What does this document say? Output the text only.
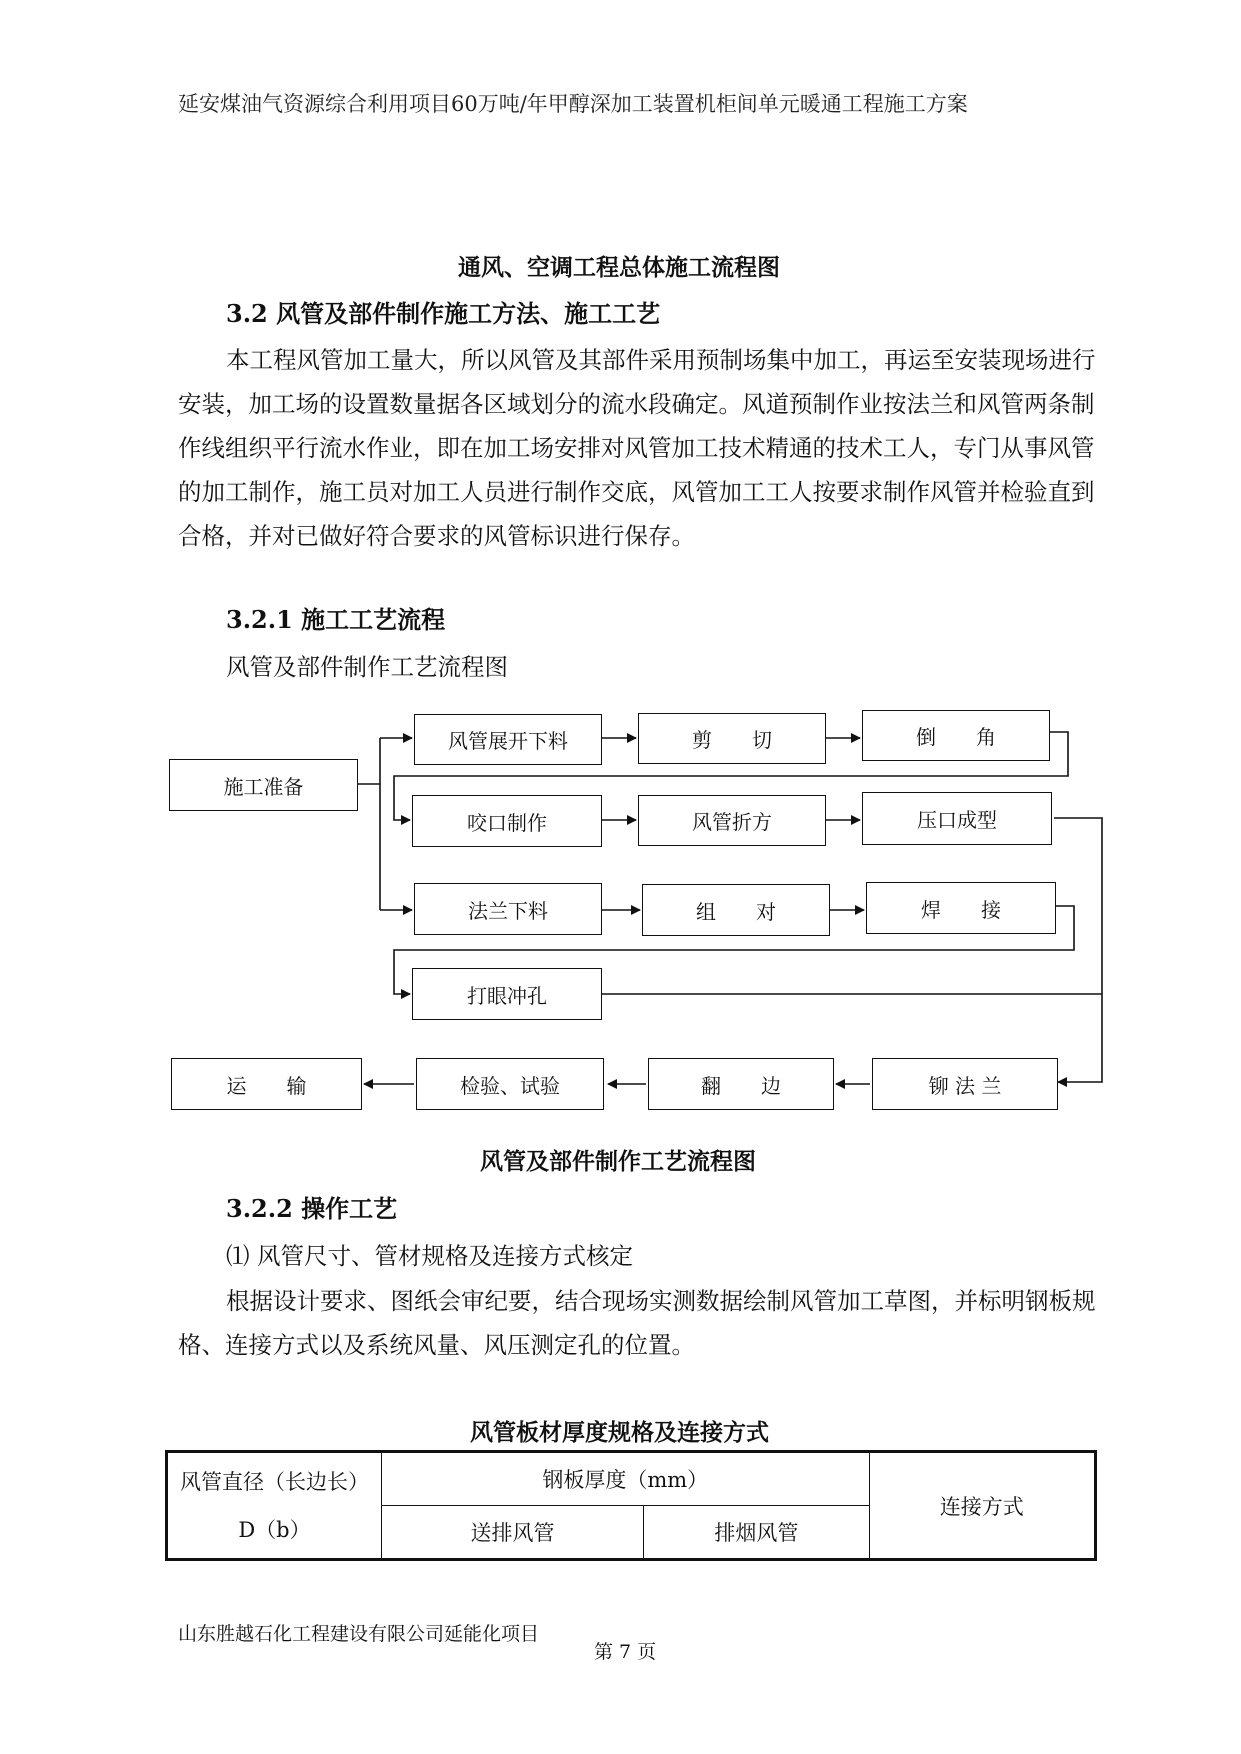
延安煤油气资源综合利用项目60万吨/年甲醇深加工装置机柜间单元暖通工程施工方案
通风、空调工程总体施工流程图
3.2 风管及部件制作施工方法、施工工艺
本工程风管加工量大，所以风管及其部件采用预制场集中加工，再运至安装现场进行安装，加工场的设置数量据各区域划分的流水段确定。风道预制作业按法兰和风管两条制作线组织平行流水作业，即在加工场安排对风管加工技术精通的技术工人，专门从事风管的加工制作，施工员对加工人员进行制作交底，风管加工工人按要求制作风管并检验直到合格，并对已做好符合要求的风管标识进行保存。
3.2.1 施工工艺流程
风管及部件制作工艺流程图
施工准备
风管展开下料	剪　　切	倒　　角
咬口制作	风管折方	压口成型
法兰下料	组　　对	焊　　接
打眼冲孔
运　　输	检验、试验	翻　　边	铆 法 兰
风管及部件制作工艺流程图
3.2.2 操作工艺
⑴ 风管尺寸、管材规格及连接方式核定
根据设计要求、图纸会审纪要，结合现场实测数据绘制风管加工草图，并标明钢板规格、连接方式以及系统风量、风压测定孔的位置。
风管板材厚度规格及连接方式
风管直径（长边长）
D（b）	钢板厚度（mm）		连接方式
	送排风管	排烟风管	
山东胜越石化工程建设有限公司延能化项目
第 7 页
